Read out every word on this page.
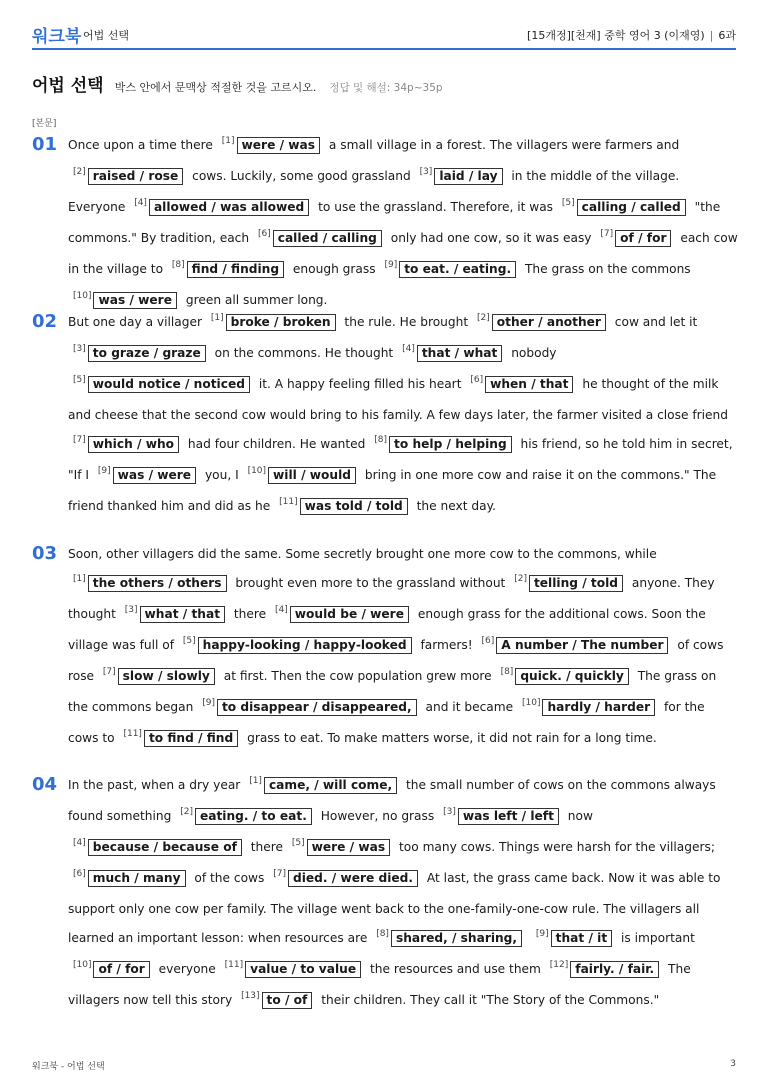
워크북 어법 선택	[15개정][천재] 중학 영어 3 (이재영) | 6과
어법 선택 박스 안에서 문맥상 적절한 것을 고르시오. 정답 및 해설: 34p~35p
[본문]
01 Once upon a time there [1] were / was a small village in a forest. The villagers were farmers and [2] raised / rose cows. Luckily, some good grassland [3] laid / lay in the middle of the village. Everyone [4] allowed / was allowed to use the grassland. Therefore, it was [5] calling / called "the commons." By tradition, each [6] called / calling only had one cow, so it was easy [7] of / for each cow in the village to [8] find / finding enough grass [9] to eat. / eating. The grass on the commons [10] was / were green all summer long.

02 But one day a villager [1] broke / broken the rule. He brought [2] other / another cow and let it [3] to graze / graze on the commons. He thought [4] that / what nobody [5] would notice / noticed it. A happy feeling filled his heart [6] when / that he thought of the milk and cheese that the second cow would bring to his family. A few days later, the farmer visited a close friend [7] which / who had four children. He wanted [8] to help / helping his friend, so he told him in secret, "If I [9] was / were you, I [10] will / would bring in one more cow and raise it on the commons." The friend thanked him and did as he [11] was told / told the next day.

03 Soon, other villagers did the same. Some secretly brought one more cow to the commons, while [1] the others / others brought even more to the grassland without [2] telling / told anyone. They thought [3] what / that there [4] would be / were enough grass for the additional cows. Soon the village was full of [5] happy-looking / happy-looked farmers! [6] A number / The number of cows rose [7] slow / slowly at first. Then the cow population grew more [8] quick. / quickly The grass on the commons began [9] to disappear / disappeared, and it became [10] hardly / harder for the cows to [11] to find / find grass to eat. To make matters worse, it did not rain for a long time.

04 In the past, when a dry year [1] came, / will come, the small number of cows on the commons always found something [2] eating. / to eat. However, no grass [3] was left / left now [4] because / because of there [5] were / was too many cows. Things were harsh for the villagers; [6] much / many of the cows [7] died. / were died. At last, the grass came back. Now it was able to support only one cow per family. The village went back to the one-family-one-cow rule. The villagers all learned an important lesson: when resources are [8] shared, / sharing, [9] that / it is important [10] of / for everyone [11] value / to value the resources and use them [12] fairly. / fair. The villagers now tell this story [13] to / of their children. They call it "The Story of the Commons."

워크북 - 어법 선택	3
